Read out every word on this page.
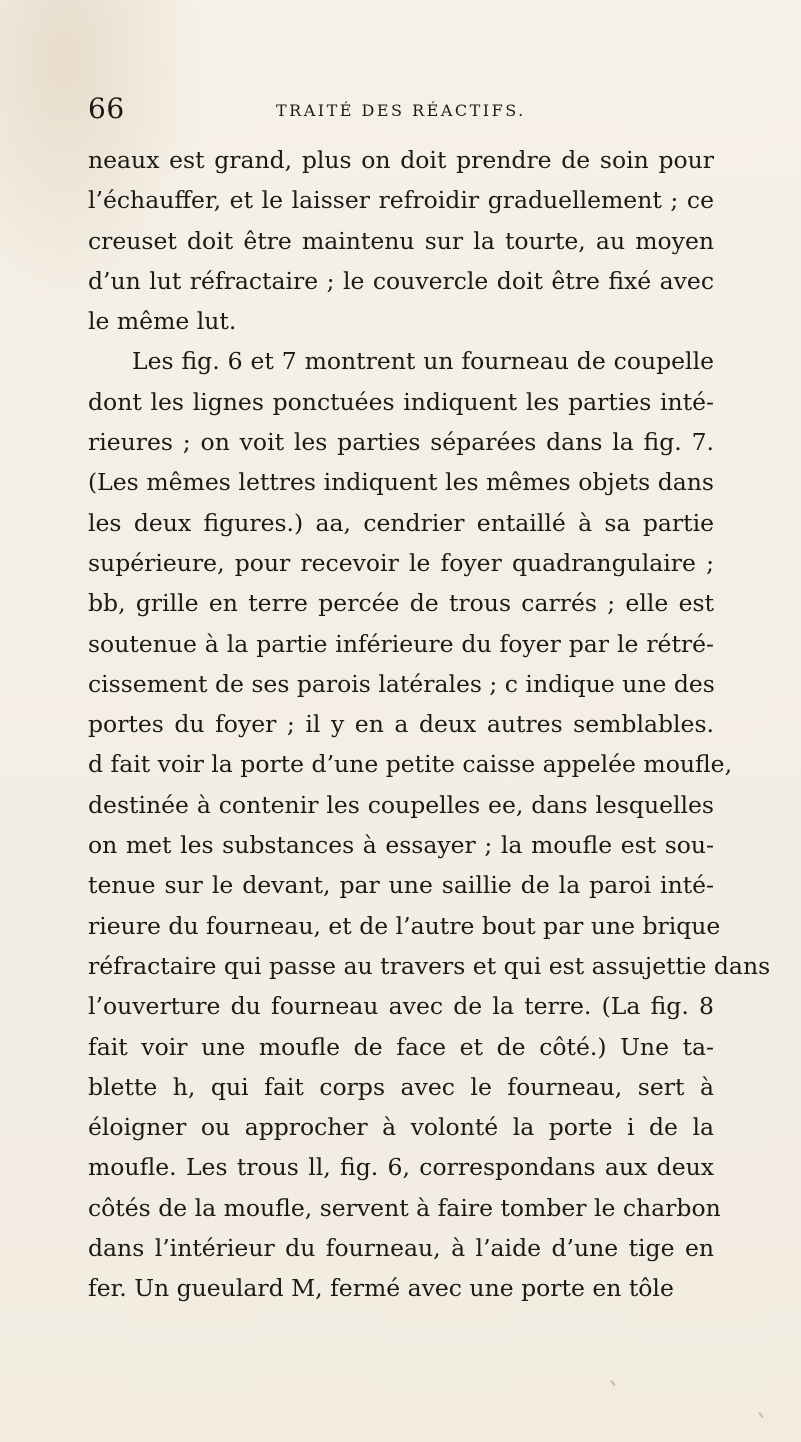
66	TRAITÉ DES RÉACTIFS.
neaux est grand, plus on doit prendre de soin pour
l’échauffer, et le laisser refroidir graduellement ; ce
creuset doit être maintenu sur la tourte, au moyen
d’un lut réfractaire ; le couvercle doit être fixé avec
le même lut.
Les fig. 6 et 7 montrent un fourneau de coupelle
dont les lignes ponctuées indiquent les parties inté-
rieures ; on voit les parties séparées dans la fig. 7.
(Les mêmes lettres indiquent les mêmes objets dans
les deux figures.) aa, cendrier entaillé à sa partie
supérieure, pour recevoir le foyer quadrangulaire ;
bb, grille en terre percée de trous carrés ; elle est
soutenue à la partie inférieure du foyer par le rétré-
cissement de ses parois latérales ; c indique une des
portes du foyer ; il y en a deux autres semblables.
d fait voir la porte d’une petite caisse appelée moufle,
destinée à contenir les coupelles ee, dans lesquelles
on met les substances à essayer ; la moufle est sou-
tenue sur le devant, par une saillie de la paroi inté-
rieure du fourneau, et de l’autre bout par une brique
réfractaire qui passe au travers et qui est assujettie dans
l’ouverture du fourneau avec de la terre. (La fig. 8
fait voir une moufle de face et de côté.) Une ta-
blette h, qui fait corps avec le fourneau, sert à
éloigner ou approcher à volonté la porte i de la
moufle. Les trous ll, fig. 6, correspondans aux deux
côtés de la moufle, servent à faire tomber le charbon
dans l’intérieur du fourneau, à l’aide d’une tige en
fer. Un gueulard M, fermé avec une porte en tôle
